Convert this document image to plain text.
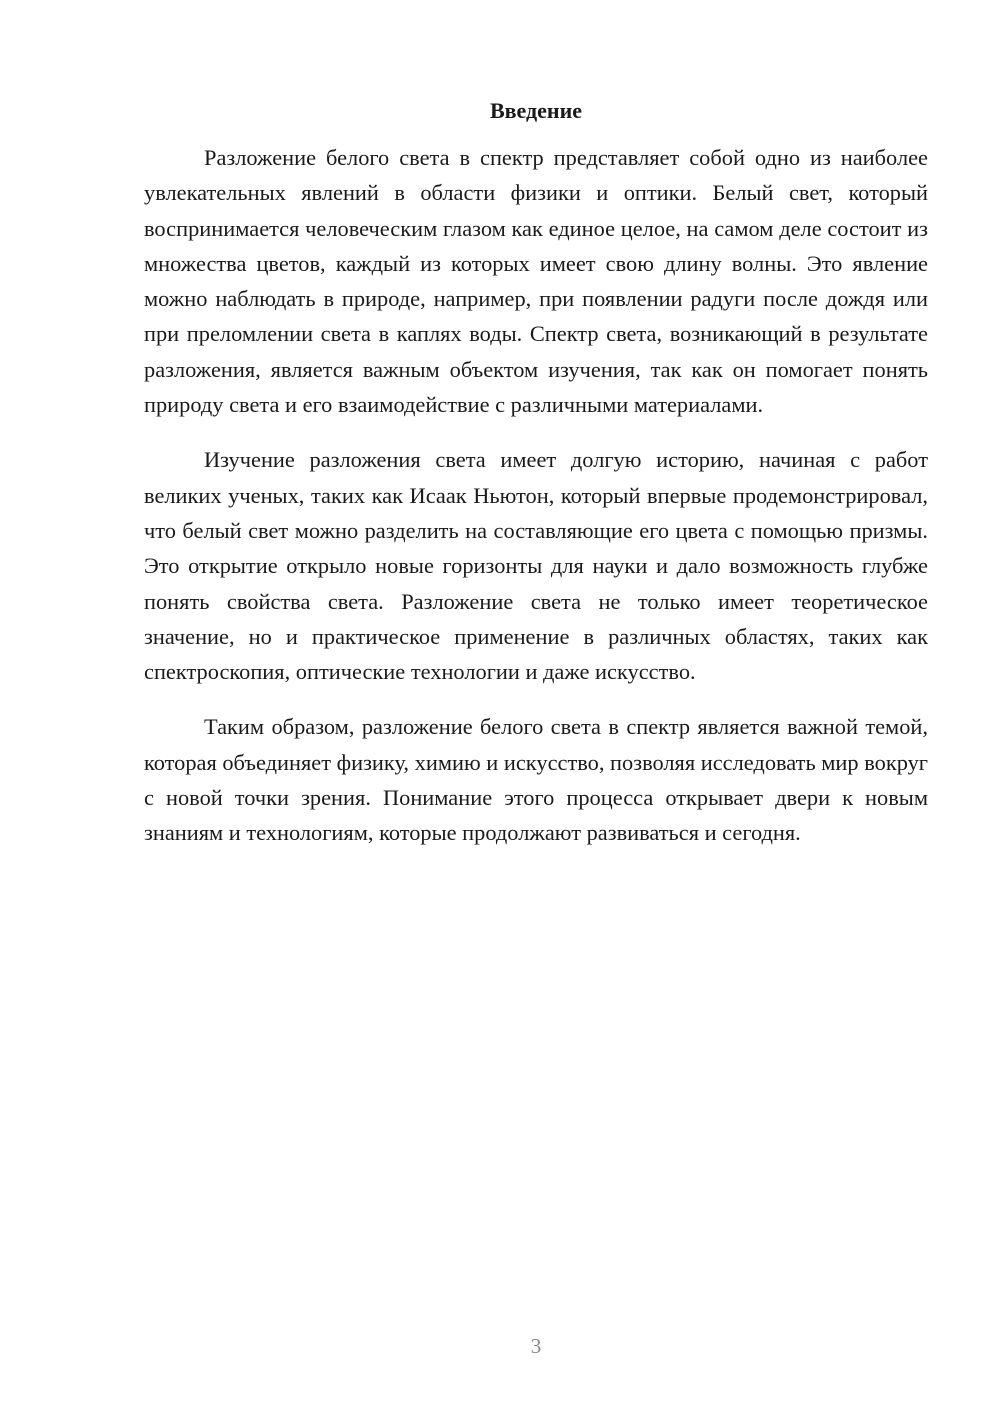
Введение

Разложение белого света в спектр представляет собой одно из наиболее увлекательных явлений в области физики и оптики. Белый свет, который воспринимается человеческим глазом как единое целое, на самом деле состоит из множества цветов, каждый из которых имеет свою длину волны. Это явление можно наблюдать в природе, например, при появлении радуги после дождя или при преломлении света в каплях воды. Спектр света, возникающий в результате разложения, является важным объектом изучения, так как он помогает понять природу света и его взаимодействие с различными материалами.

Изучение разложения света имеет долгую историю, начиная с работ великих ученых, таких как Исаак Ньютон, который впервые продемонстрировал, что белый свет можно разделить на составляющие его цвета с помощью призмы. Это открытие открыло новые горизонты для науки и дало возможность глубже понять свойства света. Разложение света не только имеет теоретическое значение, но и практическое применение в различных областях, таких как спектроскопия, оптические технологии и даже искусство.

Таким образом, разложение белого света в спектр является важной темой, которая объединяет физику, химию и искусство, позволяя исследовать мир вокруг с новой точки зрения. Понимание этого процесса открывает двери к новым знаниям и технологиям, которые продолжают развиваться и сегодня.

3
